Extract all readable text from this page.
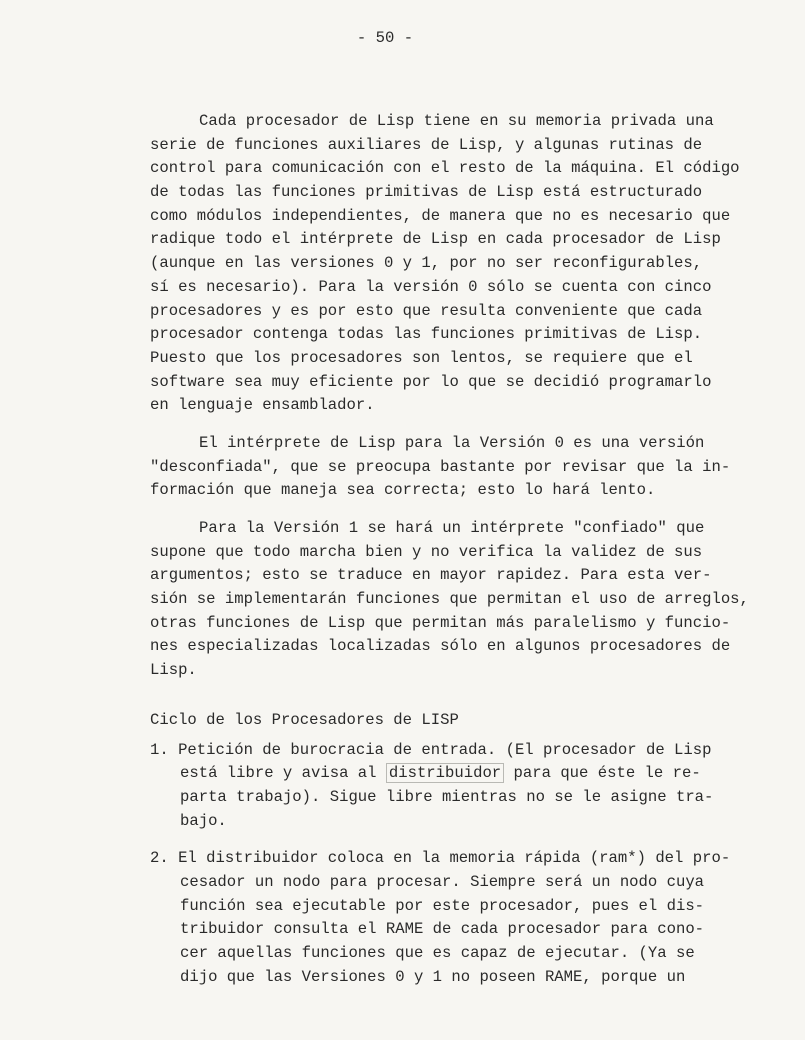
- 50 -
Cada procesador de Lisp tiene en su memoria privada una
serie de funciones auxiliares de Lisp, y algunas rutinas de
control para comunicación con el resto de la máquina. El código
de todas las funciones primitivas de Lisp está estructurado
como módulos independientes, de manera que no es necesario que
radique todo el intérprete de Lisp en cada procesador de Lisp
(aunque en las versiones 0 y 1, por no ser reconfigurables,
sí es necesario). Para la versión 0 sólo se cuenta con cinco
procesadores y es por esto que resulta conveniente que cada
procesador contenga todas las funciones primitivas de Lisp.
Puesto que los procesadores son lentos, se requiere que el
software sea muy eficiente por lo que se decidió programarlo
en lenguaje ensamblador.
El intérprete de Lisp para la Versión 0 es una versión
"desconfiada", que se preocupa bastante por revisar que la in-
formación que maneja sea correcta; esto lo hará lento.
Para la Versión 1 se hará un intérprete "confiado" que
supone que todo marcha bien y no verifica la validez de sus
argumentos; esto se traduce en mayor rapidez. Para esta ver-
sión se implementarán funciones que permitan el uso de arreglos,
otras funciones de Lisp que permitan más paralelismo y funcio-
nes especializadas localizadas sólo en algunos procesadores de
Lisp.
Ciclo de los Procesadores de LISP
1. Petición de burocracia de entrada. (El procesador de Lisp
está libre y avisa al distribuidor para que éste le re-
parta trabajo). Sigue libre mientras no se le asigne tra-
bajo.
2. El distribuidor coloca en la memoria rápida (ram*) del pro-
cesador un nodo para procesar. Siempre será un nodo cuya
función sea ejecutable por este procesador, pues el dis-
tribuidor consulta el RAME de cada procesador para cono-
cer aquellas funciones que es capaz de ejecutar. (Ya se
dijo que las Versiones 0 y 1 no poseen RAME, porque un
